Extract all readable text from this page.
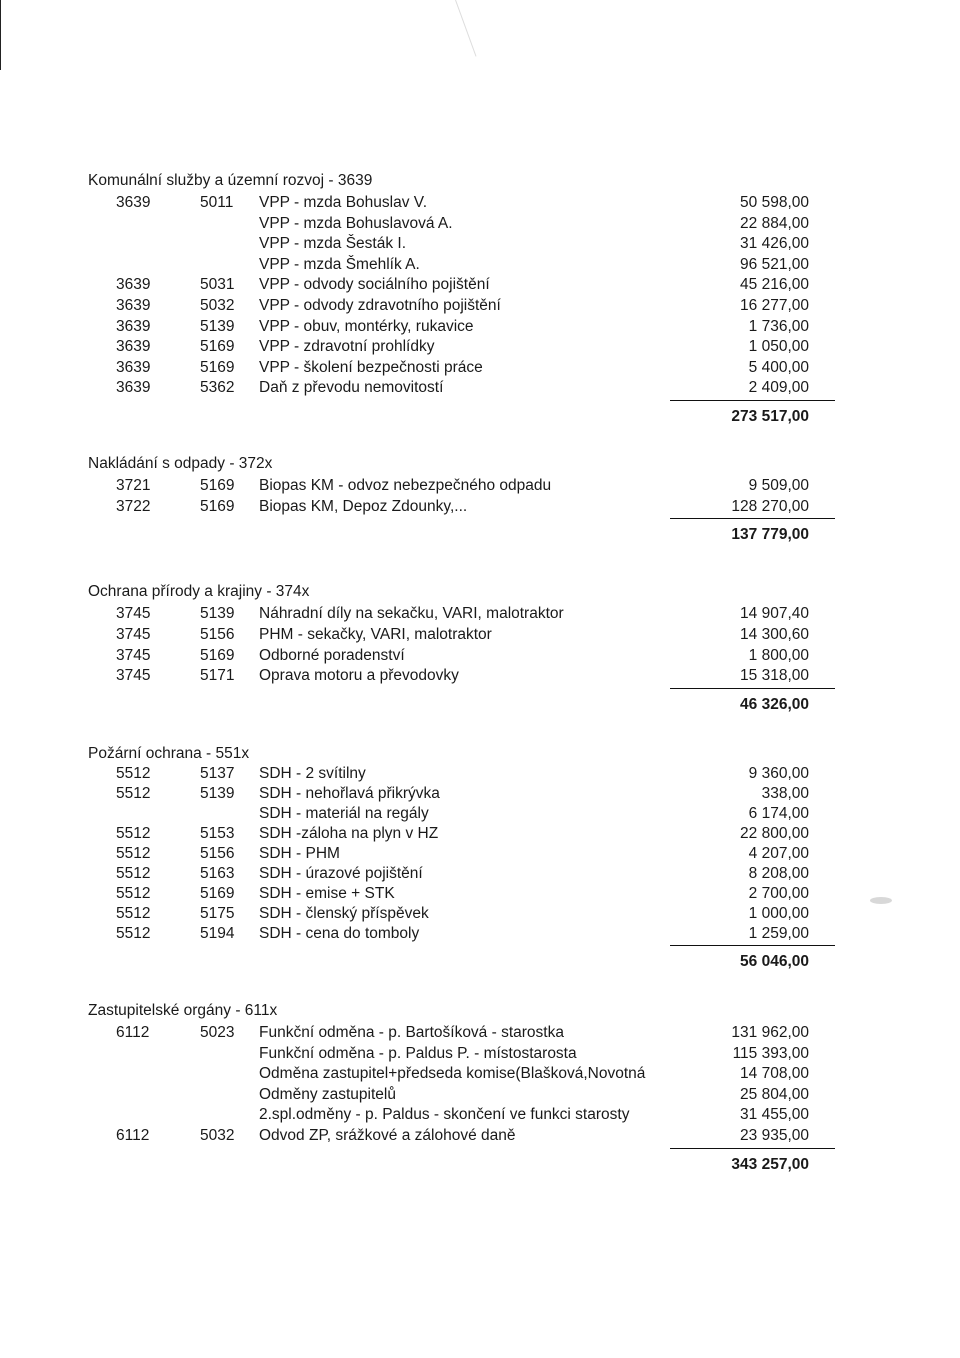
Komunální služby a územní rozvoj - 3639
3639	5011 VPP - mzda Bohuslav V.	50 598,00
VPP - mzda Bohuslavová A.	22 884,00
VPP - mzda Šesták I.	31 426,00
VPP - mzda Šmehlík A.	96 521,00
3639	5031 VPP - odvody sociálního pojištění	45 216,00
3639	5032 VPP - odvody zdravotního pojištění	16 277,00
3639	5139 VPP - obuv, montérky, rukavice	1 736,00
3639	5169 VPP - zdravotní prohlídky	1 050,00
3639	5169 VPP - školení bezpečnosti práce	5 400,00
3639	5362 Daň z převodu nemovitostí	2 409,00
273 517,00
Nakládání s odpady - 372x
3721	5169 Biopas KM - odvoz nebezpečného odpadu	9 509,00
3722	5169 Biopas KM, Depoz Zdounky,...	128 270,00
137 779,00
Ochrana přírody a krajiny - 374x
3745	5139 Náhradní díly na sekačku, VARI, malotraktor	14 907,40
3745	5156 PHM - sekačky, VARI, malotraktor	14 300,60
3745	5169 Odborné poradenství	1 800,00
3745	5171 Oprava motoru a převodovky	15 318,00
46 326,00
Požární ochrana - 551x
5512	5137 SDH - 2 svítilny	9 360,00
5512	5139 SDH - nehořlavá přikrývka	338,00
SDH - materiál na regály	6 174,00
5512	5153 SDH -záloha na plyn v HZ	22 800,00
5512	5156 SDH - PHM	4 207,00
5512	5163 SDH - úrazové pojištění	8 208,00
5512	5169 SDH - emise + STK	2 700,00
5512	5175 SDH - členský příspěvek	1 000,00
5512	5194 SDH - cena do tomboly	1 259,00
56 046,00
Zastupitelské orgány - 611x
6112	5023 Funkční odměna - p. Bartošíková - starostka	131 962,00
Funkční odměna - p. Paldus P. - místostarosta	115 393,00
Odměna zastupitel+předseda komise(Blašková,Novotná	14 708,00
Odměny zastupitelů	25 804,00
2.spl.odměny - p. Paldus - skončení ve funkci starosty	31 455,00
6112	5032 Odvod ZP, srážkové a zálohové daně	23 935,00
343 257,00
